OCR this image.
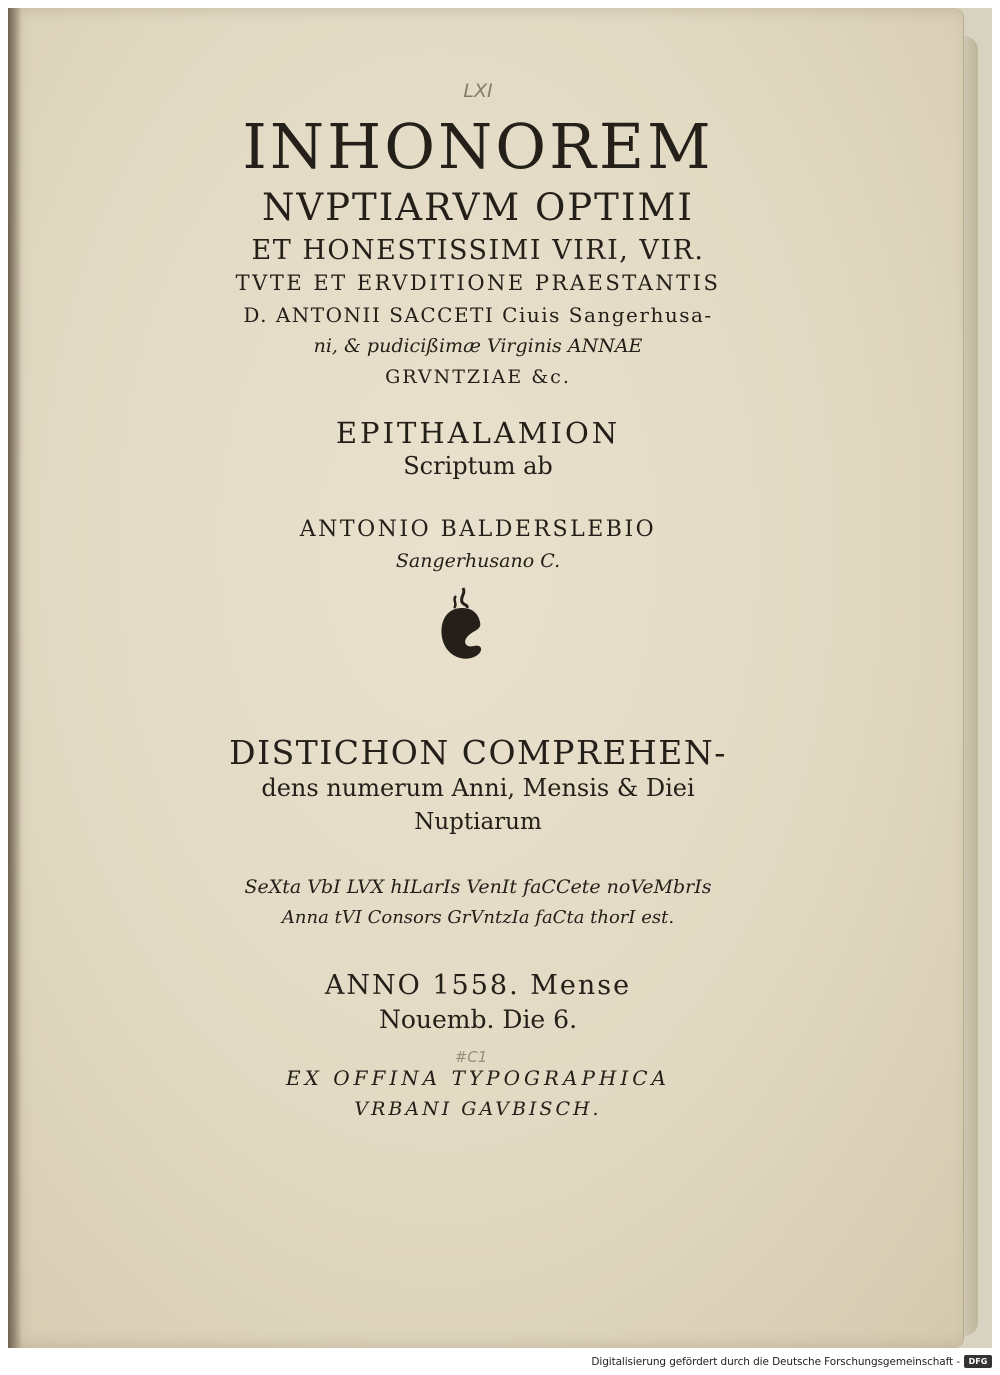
LXI

INHONOREM

NVPTIARVM OPTIMI

ET HONESTISSIMI VIRI, VIR.

TVTE ET ERVDITIONE PRAESTANTIS

D. ANTONII SACCETI Ciuis Sangerhusa-

ni, & pudicißimæ Virginis ANNAE

GRVNTZIAE &c.

EPITHALAMION

Scriptum ab

ANTONIO BALDERSLEBIO

Sangerhusano C.

DISTICHON COMPREHEN-

dens numerum Anni, Mensis & Diei

Nuptiarum

SeXta VbI LVX hILarIs VenIt faCCete noVeMbrIs

Anna tVI Consors GrVntzIa faCta thorI est.

ANNO 1558. Mense

Nouemb. Die 6.

#C1

EX OFFINA TYPOGRAPHICA

VRBANI GAVBISCH.

Digitalisierung gefördert durch die Deutsche Forschungsgemeinschaft -	DFG
